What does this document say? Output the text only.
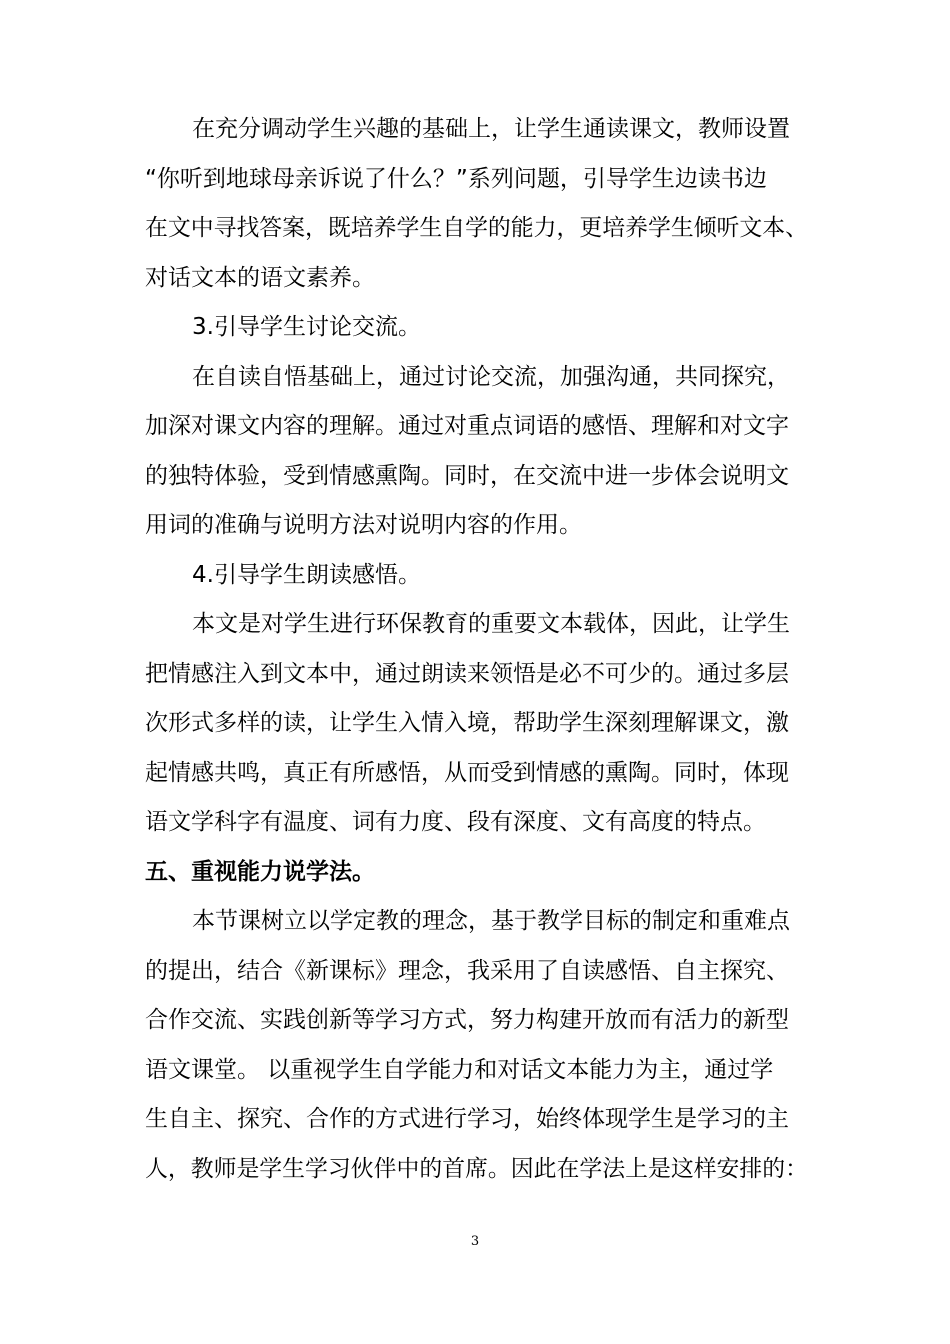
在充分调动学生兴趣的基础上，让学生通读课文，教师设置
“你听到地球母亲诉说了什么？”系列问题，引导学生边读书边
在文中寻找答案，既培养学生自学的能力，更培养学生倾听文本、
对话文本的语文素养。
3.引导学生讨论交流。
在自读自悟基础上，通过讨论交流，加强沟通，共同探究，
加深对课文内容的理解。通过对重点词语的感悟、理解和对文字
的独特体验，受到情感熏陶。同时，在交流中进一步体会说明文
用词的准确与说明方法对说明内容的作用。
4.引导学生朗读感悟。
本文是对学生进行环保教育的重要文本载体，因此，让学生
把情感注入到文本中，通过朗读来领悟是必不可少的。通过多层
次形式多样的读，让学生入情入境，帮助学生深刻理解课文，激
起情感共鸣，真正有所感悟，从而受到情感的熏陶。同时，体现
语文学科字有温度、词有力度、段有深度、文有高度的特点。
五、重视能力说学法。
本节课树立以学定教的理念，基于教学目标的制定和重难点
的提出，结合《新课标》理念，我采用了自读感悟、自主探究、
合作交流、实践创新等学习方式，努力构建开放而有活力的新型
语文课堂。 以重视学生自学能力和对话文本能力为主，通过学
生自主、探究、合作的方式进行学习，始终体现学生是学习的主
人，教师是学生学习伙伴中的首席。因此在学法上是这样安排的：
3
